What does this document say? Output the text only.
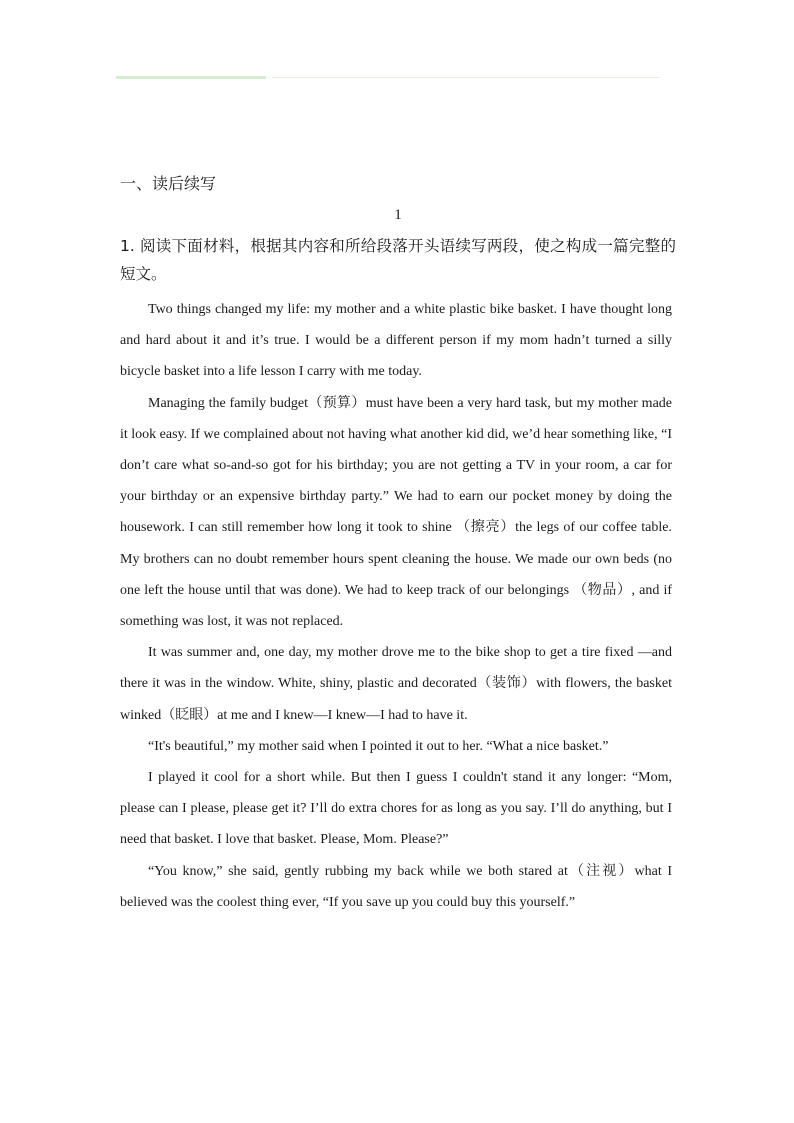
一、读后续写
1
1. 阅读下面材料，根据其内容和所给段落开头语续写两段，使之构成一篇完整的短文。

Two things changed my life: my mother and a white plastic bike basket. I have thought long and hard about it and it’s true. I would be a different person if my mom hadn’t turned a silly bicycle basket into a life lesson I carry with me today.

Managing the family budget（预算）must have been a very hard task, but my mother made it look easy. If we complained about not having what another kid did, we’d hear something like, “I don’t care what so-and-so got for his birthday; you are not getting a TV in your room, a car for your birthday or an expensive birthday party.” We had to earn our pocket money by doing the housework. I can still remember how long it took to shine （擦亮）the legs of our coffee table. My brothers can no doubt remember hours spent cleaning the house. We made our own beds (no one left the house until that was done). We had to keep track of our belongings （物品）, and if something was lost, it was not replaced.

It was summer and, one day, my mother drove me to the bike shop to get a tire fixed —and there it was in the window. White, shiny, plastic and decorated（装饰）with flowers, the basket winked（眨眼）at me and I knew—I knew—I had to have it.

“It's beautiful,” my mother said when I pointed it out to her. “What a nice basket.”

I played it cool for a short while. But then I guess I couldn't stand it any longer: “Mom, please can I please, please get it? I’ll do extra chores for as long as you say. I’ll do anything, but I need that basket. I love that basket. Please, Mom. Please?”

“You know,” she said, gently rubbing my back while we both stared at（注视）what I believed was the coolest thing ever, “If you save up you could buy this yourself.”
